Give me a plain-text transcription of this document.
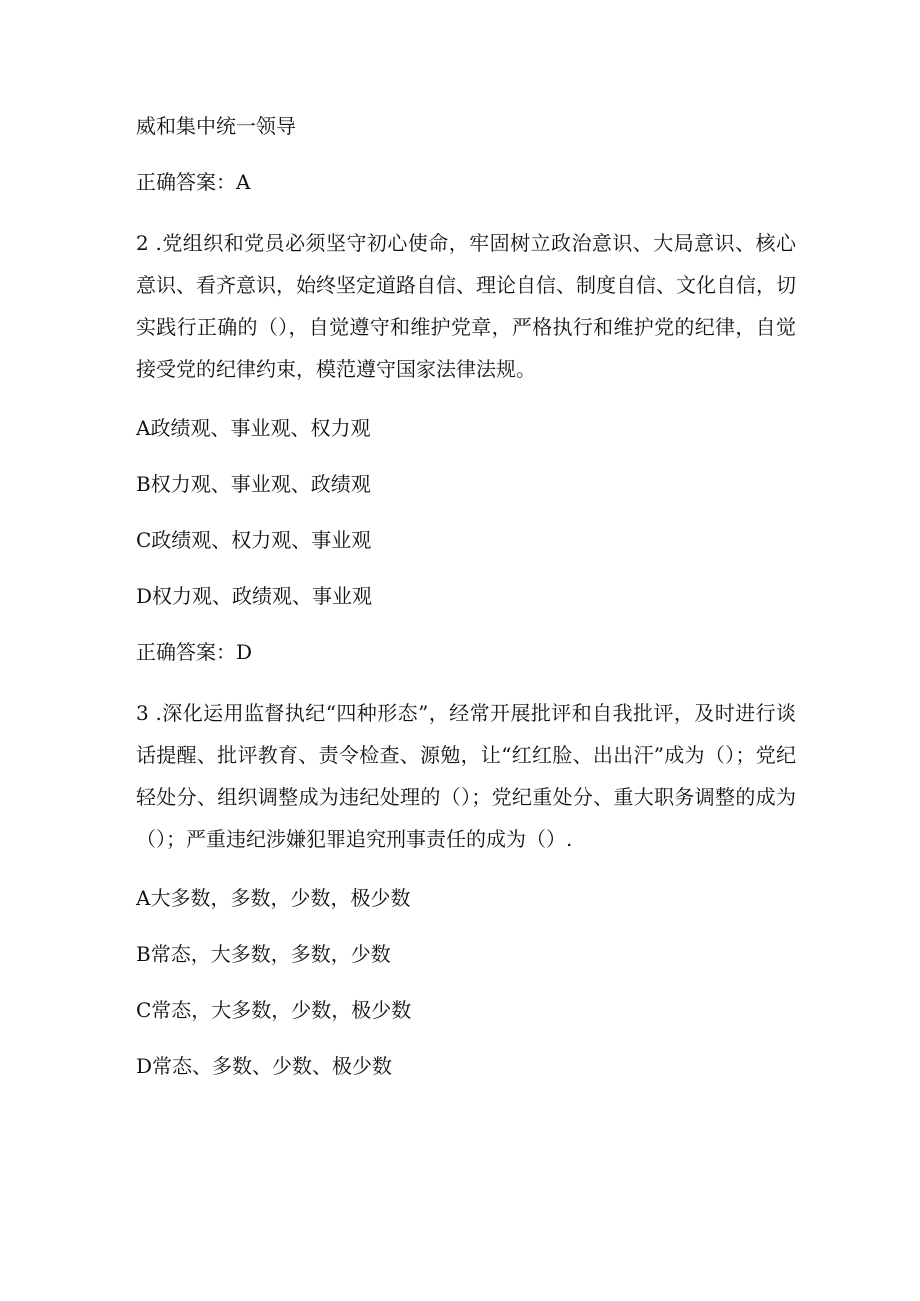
威和集中统一领导
正确答案：A
2 .党组织和党员必须坚守初心使命，牢固树立政治意识、大局意识、核心意识、看齐意识，始终坚定道路自信、理论自信、制度自信、文化自信，切实践行正确的（），自觉遵守和维护党章，严格执行和维护党的纪律，自觉接受党的纪律约束，模范遵守国家法律法规。
A政绩观、事业观、权力观
B权力观、事业观、政绩观
C政绩观、权力观、事业观
D权力观、政绩观、事业观
正确答案：D
3 .深化运用监督执纪“四种形态”，经常开展批评和自我批评，及时进行谈话提醒、批评教育、责令检查、源勉，让“红红脸、出出汗”成为（）；党纪轻处分、组织调整成为违纪处理的（）；党纪重处分、重大职务调整的成为（）；严重违纪涉嫌犯罪追究刑事责任的成为（）.
A大多数，多数，少数，极少数
B常态，大多数，多数，少数
C常态，大多数，少数，极少数
D常态、多数、少数、极少数
